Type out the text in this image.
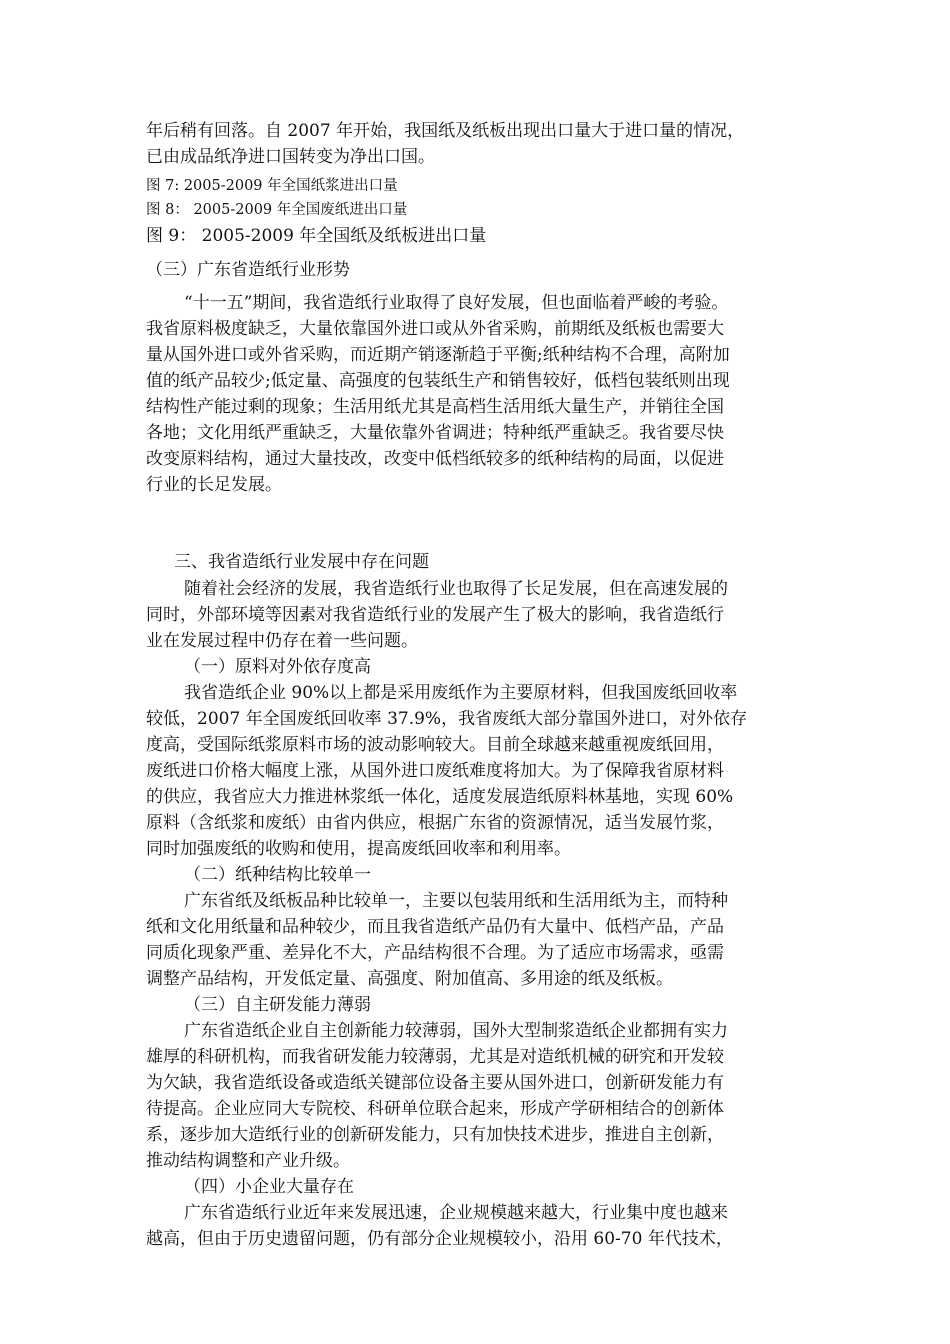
年后稍有回落。自 2007 年开始，我国纸及纸板出现出口量大于进口量的情况，
已由成品纸净进口国转变为净出口国。

图 7: 2005-2009 年全国纸浆进出口量

图 8： 2005-2009 年全国废纸进出口量

图 9： 2005-2009 年全国纸及纸板进出口量

（三）广东省造纸行业形势

“十一五”期间，我省造纸行业取得了良好发展，但也面临着严峻的考验。
我省原料极度缺乏，大量依靠国外进口或从外省采购，前期纸及纸板也需要大
量从国外进口或外省采购，而近期产销逐渐趋于平衡;纸种结构不合理，高附加
值的纸产品较少;低定量、高强度的包装纸生产和销售较好，低档包装纸则出现
结构性产能过剩的现象；生活用纸尤其是高档生活用纸大量生产，并销往全国
各地；文化用纸严重缺乏，大量依靠外省调进；特种纸严重缺乏。我省要尽快
改变原料结构，通过大量技改，改变中低档纸较多的纸种结构的局面，以促进
行业的长足发展。

三、我省造纸行业发展中存在问题

随着社会经济的发展，我省造纸行业也取得了长足发展，但在高速发展的
同时，外部环境等因素对我省造纸行业的发展产生了极大的影响，我省造纸行
业在发展过程中仍存在着一些问题。

（一）原料对外依存度高

我省造纸企业 90%以上都是采用废纸作为主要原材料，但我国废纸回收率
较低，2007 年全国废纸回收率 37.9%，我省废纸大部分靠国外进口，对外依存
度高，受国际纸浆原料市场的波动影响较大。目前全球越来越重视废纸回用，
废纸进口价格大幅度上涨，从国外进口废纸难度将加大。为了保障我省原材料
的供应，我省应大力推进林浆纸一体化，适度发展造纸原料林基地，实现 60%
原料（含纸浆和废纸）由省内供应，根据广东省的资源情况，适当发展竹浆，
同时加强废纸的收购和使用，提高废纸回收率和利用率。

（二）纸种结构比较单一

广东省纸及纸板品种比较单一，主要以包装用纸和生活用纸为主，而特种
纸和文化用纸量和品种较少，而且我省造纸产品仍有大量中、低档产品，产品
同质化现象严重、差异化不大，产品结构很不合理。为了适应市场需求，亟需
调整产品结构，开发低定量、高强度、附加值高、多用途的纸及纸板。

（三）自主研发能力薄弱

广东省造纸企业自主创新能力较薄弱，国外大型制浆造纸企业都拥有实力
雄厚的科研机构，而我省研发能力较薄弱，尤其是对造纸机械的研究和开发较
为欠缺，我省造纸设备或造纸关键部位设备主要从国外进口，创新研发能力有
待提高。企业应同大专院校、科研单位联合起来，形成产学研相结合的创新体
系，逐步加大造纸行业的创新研发能力，只有加快技术进步，推进自主创新，
推动结构调整和产业升级。

（四）小企业大量存在

广东省造纸行业近年来发展迅速，企业规模越来越大，行业集中度也越来
越高，但由于历史遗留问题，仍有部分企业规模较小，沿用 60-70 年代技术，
